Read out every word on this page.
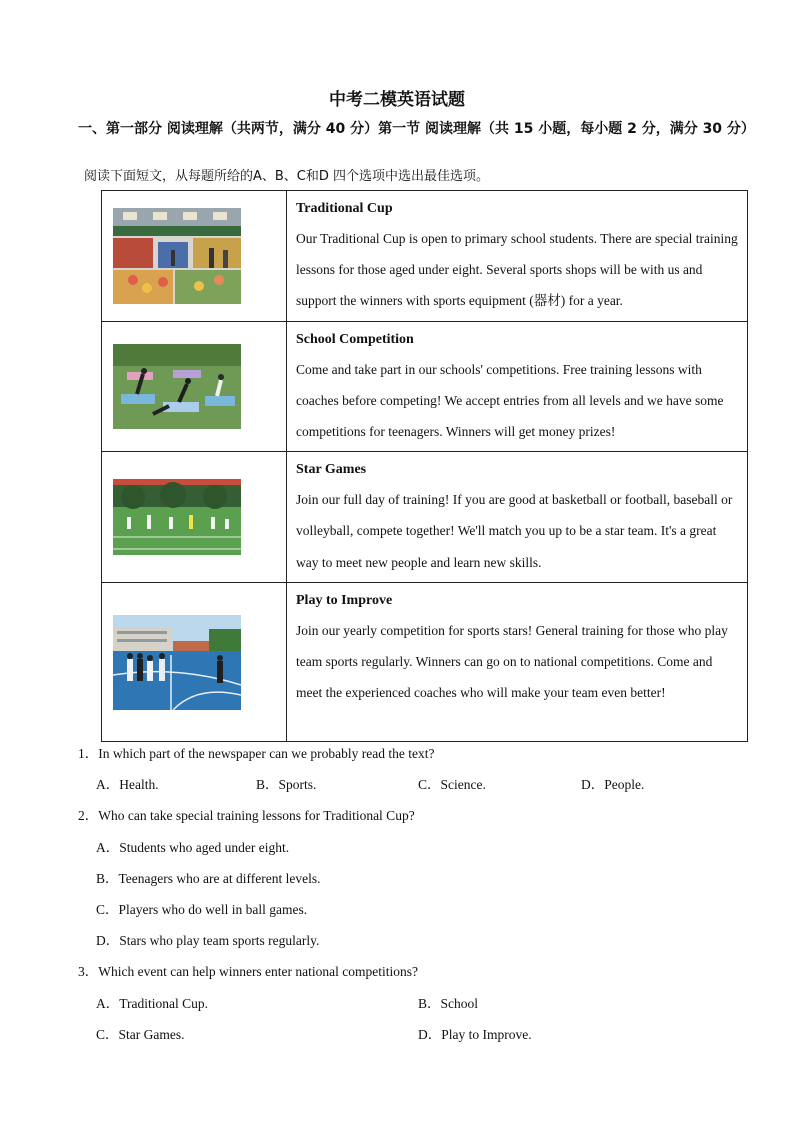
中考二模英语试题
一、第一部分 阅读理解（共两节，满分 40 分）第一节 阅读理解（共 15 小题，每小题 2 分，满分 30 分）
阅读下面短文，从每题所给的A、B、C和D 四个选项中选出最佳选项。

Traditional Cup
Our Traditional Cup is open to primary school students. There are special training lessons for those aged under eight. Several sports shops will be with us and support the winners with sports equipment (器材) for a year.

School Competition
Come and take part in our schools' competitions. Free training lessons with coaches before competing! We accept entries from all levels and we have some competitions for teenagers. Winners will get money prizes!

Star Games
Join our full day of training! If you are good at basketball or football, baseball or volleyball, compete together! We'll match you up to be a star team. It's a great way to meet new people and learn new skills.

Play to Improve
Join our yearly competition for sports stars! General training for those who play team sports regularly. Winners can go on to national competitions. Come and meet the experienced coaches who will make your team even better!
1．In which part of the newspaper can we probably read the text?
A．Health.	B．Sports.	C．Science.	D．People.
2．Who can take special training lessons for Traditional Cup?
A．Students who aged under eight.
B．Teenagers who are at different levels.
C．Players who do well in ball games.
D．Stars who play team sports regularly.
3．Which event can help winners enter national competitions?
A．Traditional Cup.	B．School
C．Star Games.	D．Play to Improve.
